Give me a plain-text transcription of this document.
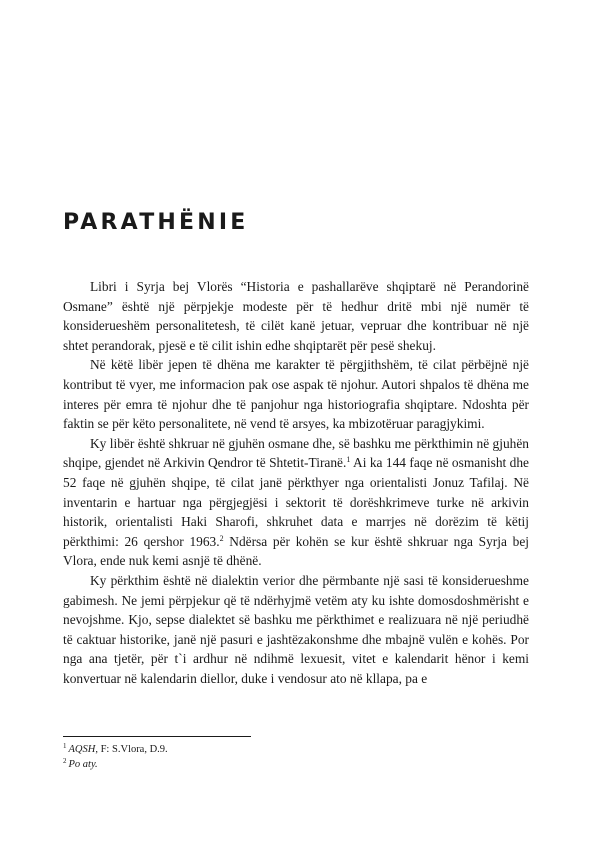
PARATHËNIE

Libri i Syrja bej Vlorës “Historia e pashallarëve shqiptarë në Perandorinë Osmane” është një përpjekje modeste për të hedhur dritë mbi një numër të konsiderueshëm personalitetesh, të cilët kanë jetuar, vepruar dhe kontribuar në një shtet perandorak, pjesë e të cilit ishin edhe shqiptarët për pesë shekuj.

Në këtë libër jepen të dhëna me karakter të përgjithshëm, të cilat përbëjnë një kontribut të vyer, me informacion pak ose aspak të njohur. Autori shpalos të dhëna me interes për emra të njohur dhe të panjohur nga historiografia shqiptare. Ndoshta për faktin se për këto personalitete, në vend të arsyes, ka mbizotëruar paragjykimi.

Ky libër është shkruar në gjuhën osmane dhe, së bashku me përkthimin në gjuhën shqipe, gjendet në Arkivin Qendror të Shtetit-Tiranë.$^1$ Ai ka 144 faqe në osmanisht dhe 52 faqe në gjuhën shqipe, të cilat janë përkthyer nga orientalisti Jonuz Tafilaj. Në inventarin e hartuar nga përgjegjësi i sektorit të dorëshkrimeve turke në arkivin historik, orientalisti Haki Sharofi, shkruhet data e marrjes në dorëzim të këtij përkthimi: 26 qershor 1963.$^2$ Ndërsa për kohën se kur është shkruar nga Syrja bej Vlora, ende nuk kemi asnjë të dhënë.

Ky përkthim është në dialektin verior dhe përmbante një sasi të konsiderueshme gabimesh. Ne jemi përpjekur që të ndërhyjmë vetëm aty ku ishte domosdoshmërisht e nevojshme. Kjo, sepse dialektet së bashku me përkthimet e realizuara në një periudhë të caktuar historike, janë një pasuri e jashtëzakonshme dhe mbajnë vulën e kohës. Por nga ana tjetër, për t`i ardhur në ndihmë lexuesit, vitet e kalendarit hënor i kemi konvertuar në kalendarin diellor, duke i vendosur ato në kllapa, pa e

$^1$ AQSH, F: S.Vlora, D.9.

$^2$ Po aty.
